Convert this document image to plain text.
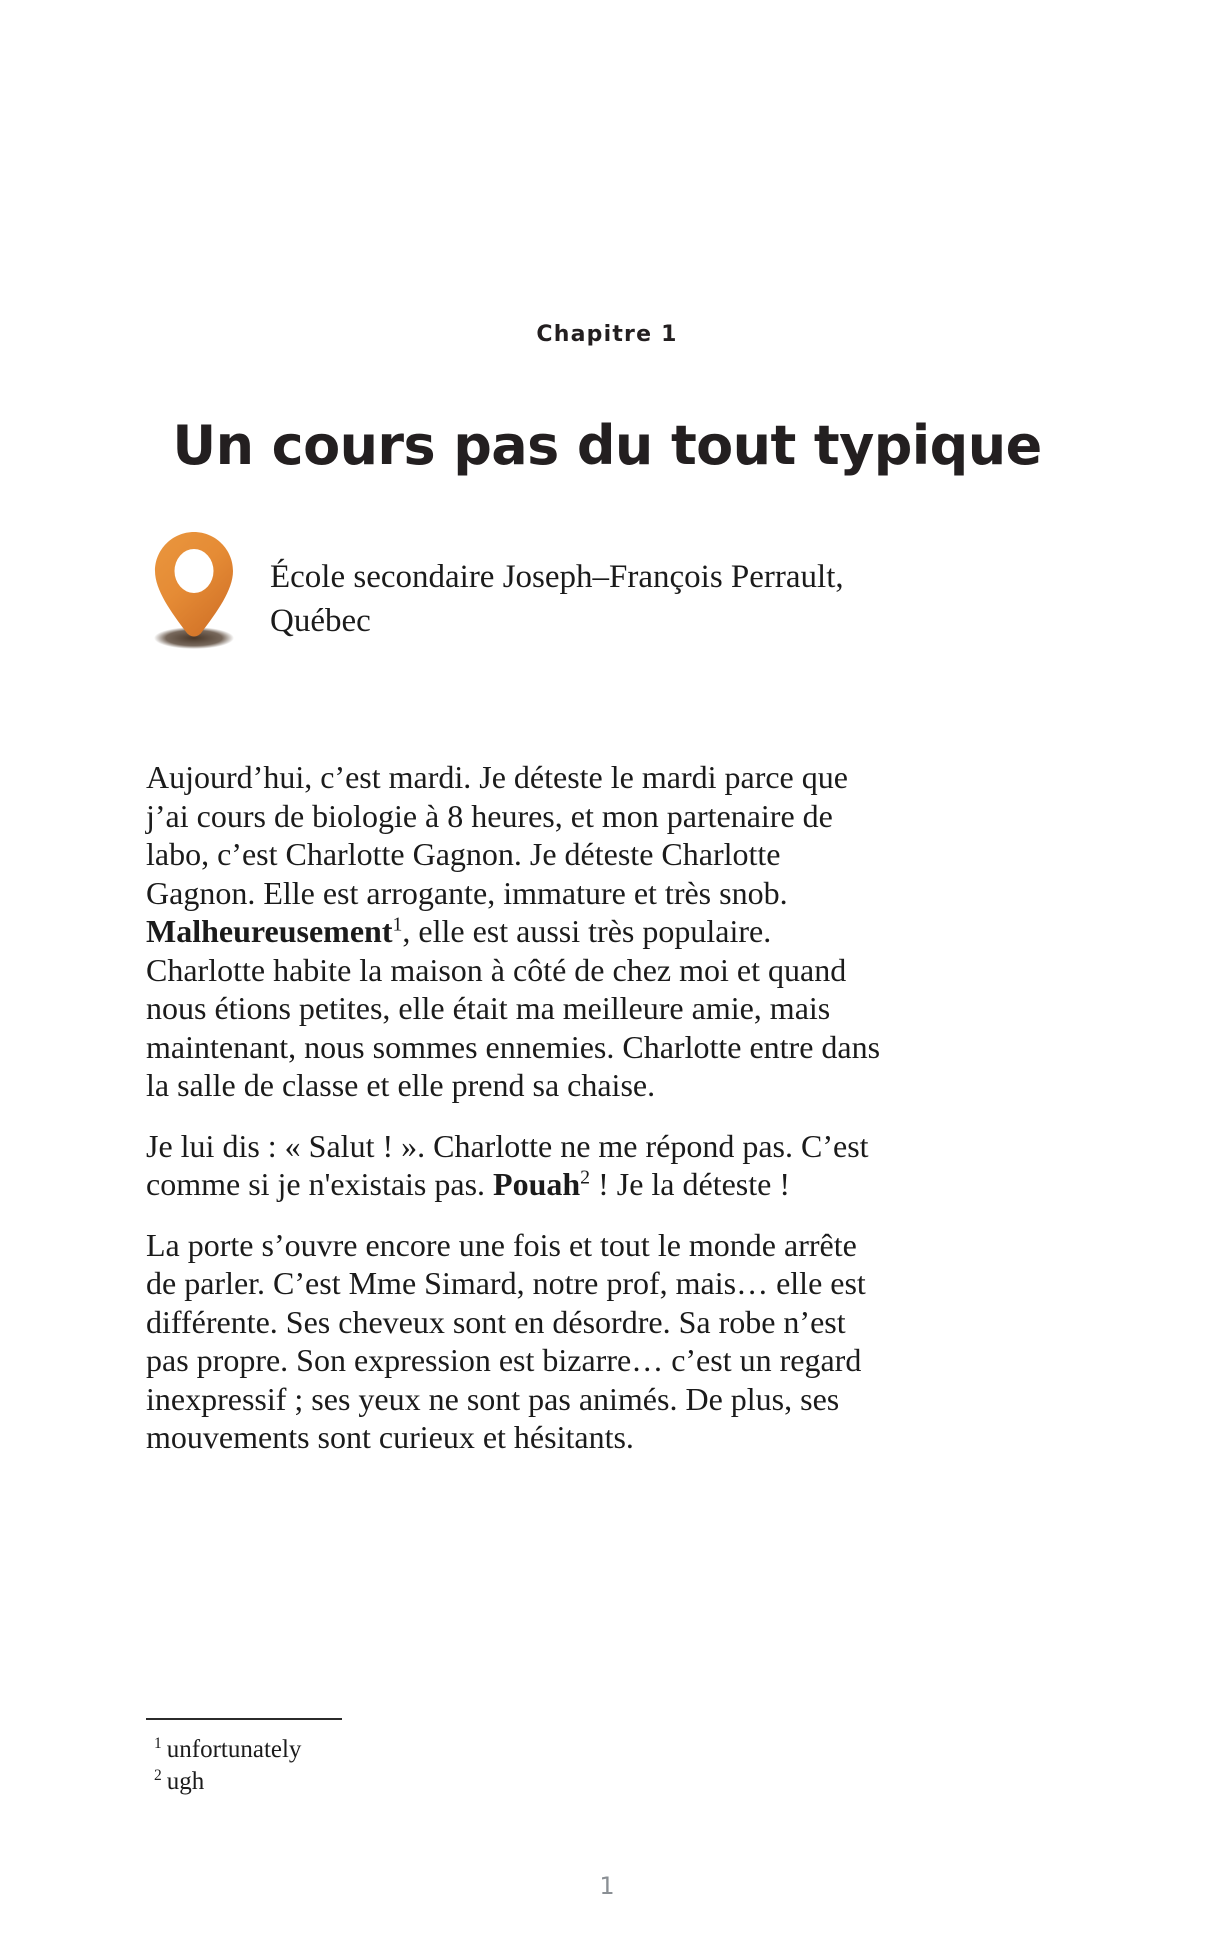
Chapitre 1
Un cours pas du tout typique
École secondaire Joseph–François Perrault, Québec

Aujourd’hui, c’est mardi. Je déteste le mardi parce que j’ai cours de biologie à 8 heures, et mon partenaire de labo, c’est Charlotte Gagnon. Je déteste Charlotte Gagnon. Elle est arrogante, immature et très snob. Malheureusement$^1$, elle est aussi très populaire. Charlotte habite la maison à côté de chez moi et quand nous étions petites, elle était ma meilleure amie, mais maintenant, nous sommes ennemies. Charlotte entre dans la salle de classe et elle prend sa chaise.

Je lui dis : « Salut ! ». Charlotte ne me répond pas. C’est comme si je n'existais pas. Pouah$^2$ ! Je la déteste !

La porte s’ouvre encore une fois et tout le monde arrête de parler. C’est Mme Simard, notre prof, mais… elle est différente. Ses cheveux sont en désordre. Sa robe n’est pas propre. Son expression est bizarre… c’est un regard inexpressif ; ses yeux ne sont pas animés. De plus, ses mouvements sont curieux et hésitants.

$^1$ unfortunately
$^2$ ugh
1
